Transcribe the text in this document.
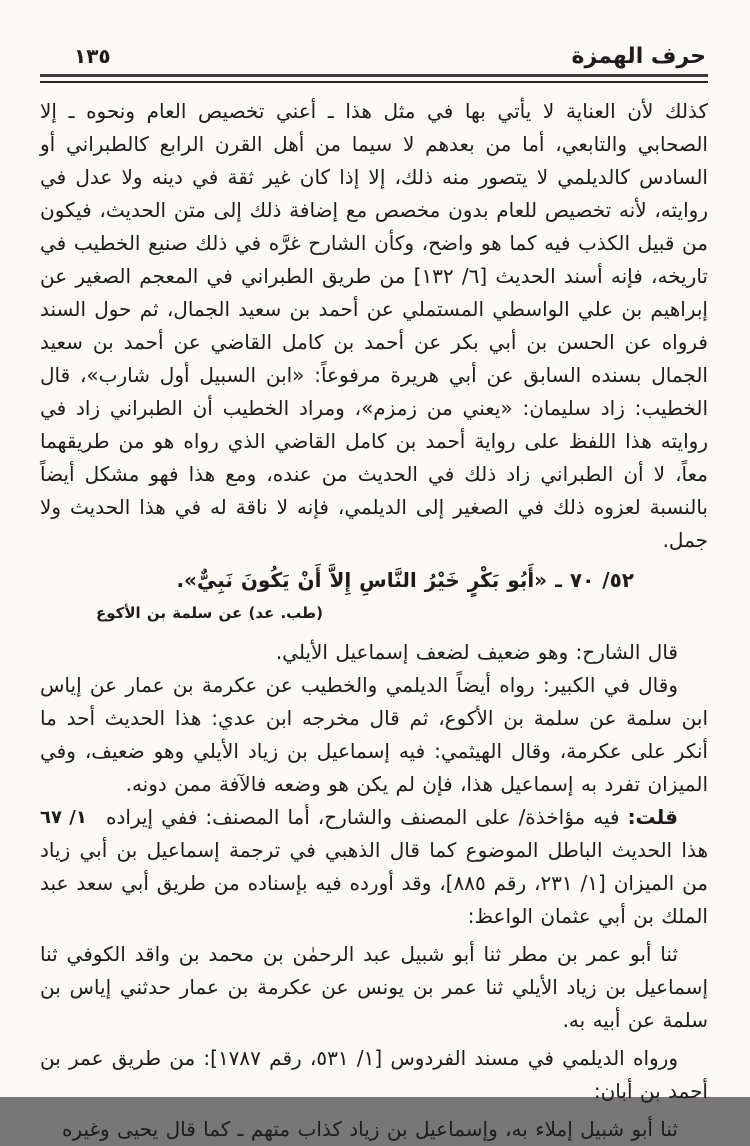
حرف الهمزة
١٣٥

كذلك لأن العناية لا يأتي بها في مثل هذا ـ أعني تخصيص العام ونحوه ـ إلا الصحابي والتابعي، أما من بعدهم لا سيما من أهل القرن الرابع كالطبراني أو السادس كالديلمي لا يتصور منه ذلك، إلا إذا كان غير ثقة في دينه ولا عدل في روايته، لأنه تخصيص للعام بدون مخصص مع إضافة ذلك إلى متن الحديث، فيكون من قبيل الكذب فيه كما هو واضح، وكأن الشارح غرَّه في ذلك صنيع الخطيب في تاريخه، فإنه أسند الحديث [٦/ ١٣٢] من طريق الطبراني في المعجم الصغير عن إبراهيم بن علي الواسطي المستملي عن أحمد بن سعيد الجمال، ثم حول السند فرواه عن الحسن بن أبي بكر عن أحمد بن كامل القاضي عن أحمد بن سعيد الجمال بسنده السابق عن أبي هريرة مرفوعاً: «ابن السبيل أول شارب»، قال الخطيب: زاد سليمان: «يعني من زمزم»، ومراد الخطيب أن الطبراني زاد في روايته هذا اللفظ على رواية أحمد بن كامل القاضي الذي رواه هو من طريقهما معاً، لا أن الطبراني زاد ذلك في الحديث من عنده، ومع هذا فهو مشكل أيضاً بالنسبة لعزوه ذلك في الصغير إلى الديلمي، فإنه لا ناقة له في هذا الحديث ولا جمل.

٥٢/ ٧٠ ـ «أَبُو بَكْرٍ خَيْرُ النَّاسِ إِلاَّ أَنْ يَكُونَ نَبِيٌّ».

(طب. عد) عن سلمة بن الأكوع

قال الشارح: وهو ضعيف لضعف إسماعيل الأيلي.

وقال في الكبير: رواه أيضاً الديلمي والخطيب عن عكرمة بن عمار عن إياس ابن سلمة عن سلمة بن الأكوع، ثم قال مخرجه ابن عدي: هذا الحديث أحد ما أنكر على عكرمة، وقال الهيثمي: فيه إسماعيل بن زياد الأيلي وهو ضعيف، وفي الميزان تفرد به إسماعيل هذا، فإن لم يكن هو وضعه فالآفة ممن دونه.

١/ ٦٧	قلت: فيه مؤاخذة/ على المصنف والشارح، أما المصنف: ففي إيراده هذا الحديث الباطل الموضوع كما قال الذهبي في ترجمة إسماعيل بن أبي زياد من الميزان [١/ ٢٣١، رقم ٨٨٥]، وقد أورده فيه بإسناده من طريق أبي سعد عبد الملك بن أبي عثمان الواعظ:

ثنا أبو عمر بن مطر ثنا أبو شبيل عبد الرحمٰن بن محمد بن واقد الكوفي ثنا إسماعيل بن زياد الأيلي ثنا عمر بن يونس عن عكرمة بن عمار حدثني إياس بن سلمة عن أبيه به.

ورواه الديلمي في مسند الفردوس [١/ ٥٣١، رقم ١٧٨٧]: من طريق عمر بن أحمد بن أبان:

ثنا أبو شبيل إملاء به، وإسماعيل بن زياد كذاب متهم ـ كما قال يحيى وغيره
